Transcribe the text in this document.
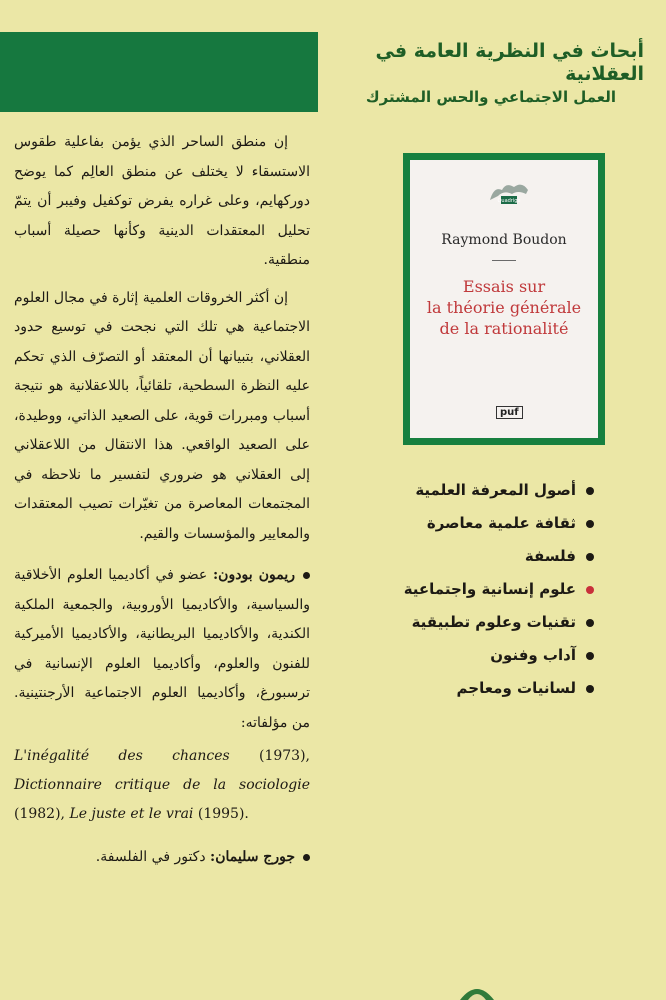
أبحاث في النظرية العامة في العقلانية
العمل الاجتماعي والحس المشترك

إن منطق الساحر الذي يؤمن بفاعلية طقوس الاستسقاء لا يختلف عن منطق العالِم كما يوضح دوركهايم، وعلى غراره يفرض توكفيل وفيبر أن يتمّ تحليل المعتقدات الدينية وكأنها حصيلة أسباب منطقية.

إن أكثر الخروقات العلمية إثارة في مجال العلوم الاجتماعية هي تلك التي نجحت في توسيع حدود العقلاني، بتبيانها أن المعتقد أو التصرّف الذي تحكم عليه النظرة السطحية، تلقائياً، باللاعقلانية هو نتيجة أسباب ومبررات قوية، على الصعيد الذاتي، ووطيدة، على الصعيد الواقعي. هذا الانتقال من اللاعقلاني إلى العقلاني هو ضروري لتفسير ما نلاحظه في المجتمعات المعاصرة من تغيّرات تصيب المعتقدات والمعايير والمؤسسات والقيم.

ريمون بودون: عضو في أكاديميا العلوم الأخلاقية والسياسية، والأكاديميا الأوروبية، والجمعية الملكية الكندية، والأكاديميا البريطانية، والأكاديميا الأميركية للفنون والعلوم، وأكاديميا العلوم الإنسانية في ترسبورغ، وأكاديميا العلوم الاجتماعية الأرجنتينية. من مؤلفاته:

L'inégalité des chances (1973), Dictionnaire critique de la sociologie (1982), Le juste et le vrai (1995).

جورج سليمان: دكتور في الفلسفة.

Quadrige
Raymond Boudon
Essais sur
la théorie générale
de la rationalité
puf
أصول المعرفة العلمية
ثقافة علمية معاصرة
فلسفة
علوم إنسانية واجتماعية
تقنيات وعلوم تطبيقية
آداب وفنون
لسانيات ومعاجم
